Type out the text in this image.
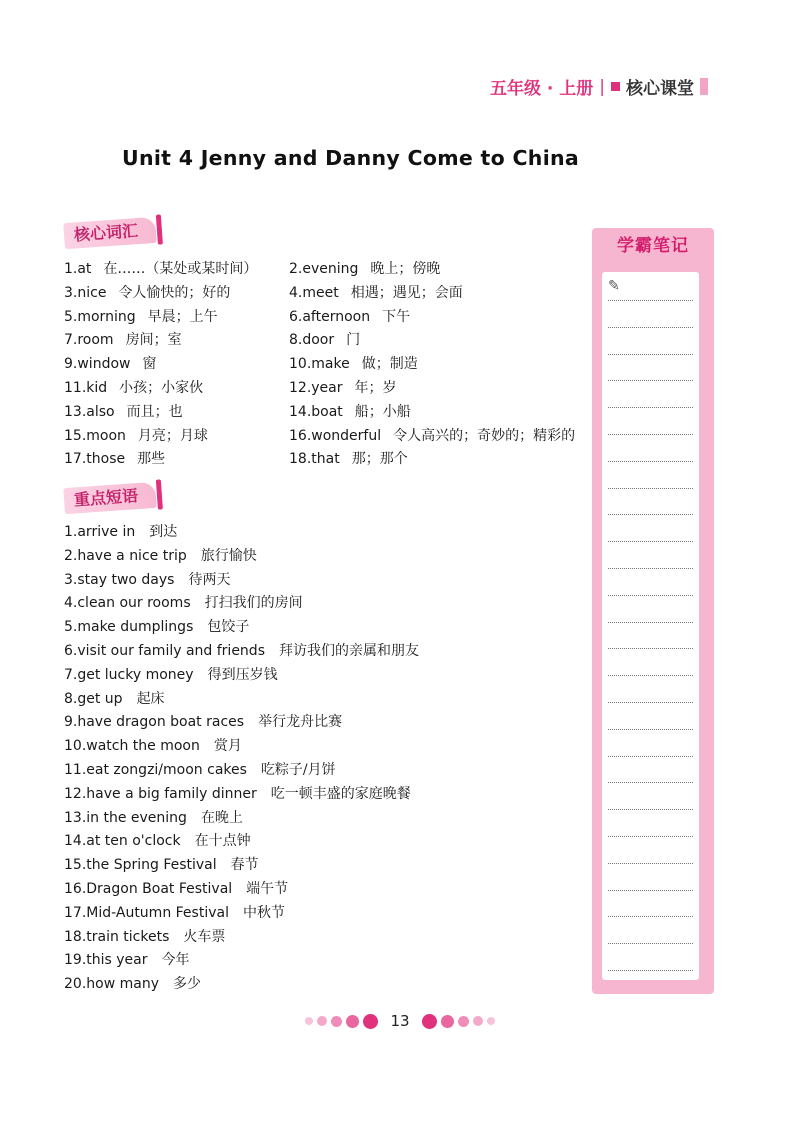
五年级 · 上册 | 核心课堂
Unit 4 Jenny and Danny Come to China
核心词汇
1.at 在……（某处或某时间）	2.evening 晚上；傍晚
3.nice 令人愉快的；好的	4.meet 相遇；遇见；会面
5.morning 早晨；上午	6.afternoon 下午
7.room 房间；室	8.door 门
9.window 窗	10.make 做；制造
11.kid 小孩；小家伙	12.year 年；岁
13.also 而且；也	14.boat 船；小船
15.moon 月亮；月球	16.wonderful 令人高兴的；奇妙的；精彩的
17.those 那些	18.that 那；那个
重点短语
1.arrive in 到达
2.have a nice trip 旅行愉快
3.stay two days 待两天
4.clean our rooms 打扫我们的房间
5.make dumplings 包饺子
6.visit our family and friends 拜访我们的亲属和朋友
7.get lucky money 得到压岁钱
8.get up 起床
9.have dragon boat races 举行龙舟比赛
10.watch the moon 赏月
11.eat zongzi/moon cakes 吃粽子/月饼
12.have a big family dinner 吃一顿丰盛的家庭晚餐
13.in the evening 在晚上
14.at ten o'clock 在十点钟
15.the Spring Festival 春节
16.Dragon Boat Festival 端午节
17.Mid-Autumn Festival 中秋节
18.train tickets 火车票
19.this year 今年
20.how many 多少
学霸笔记
✎
13
